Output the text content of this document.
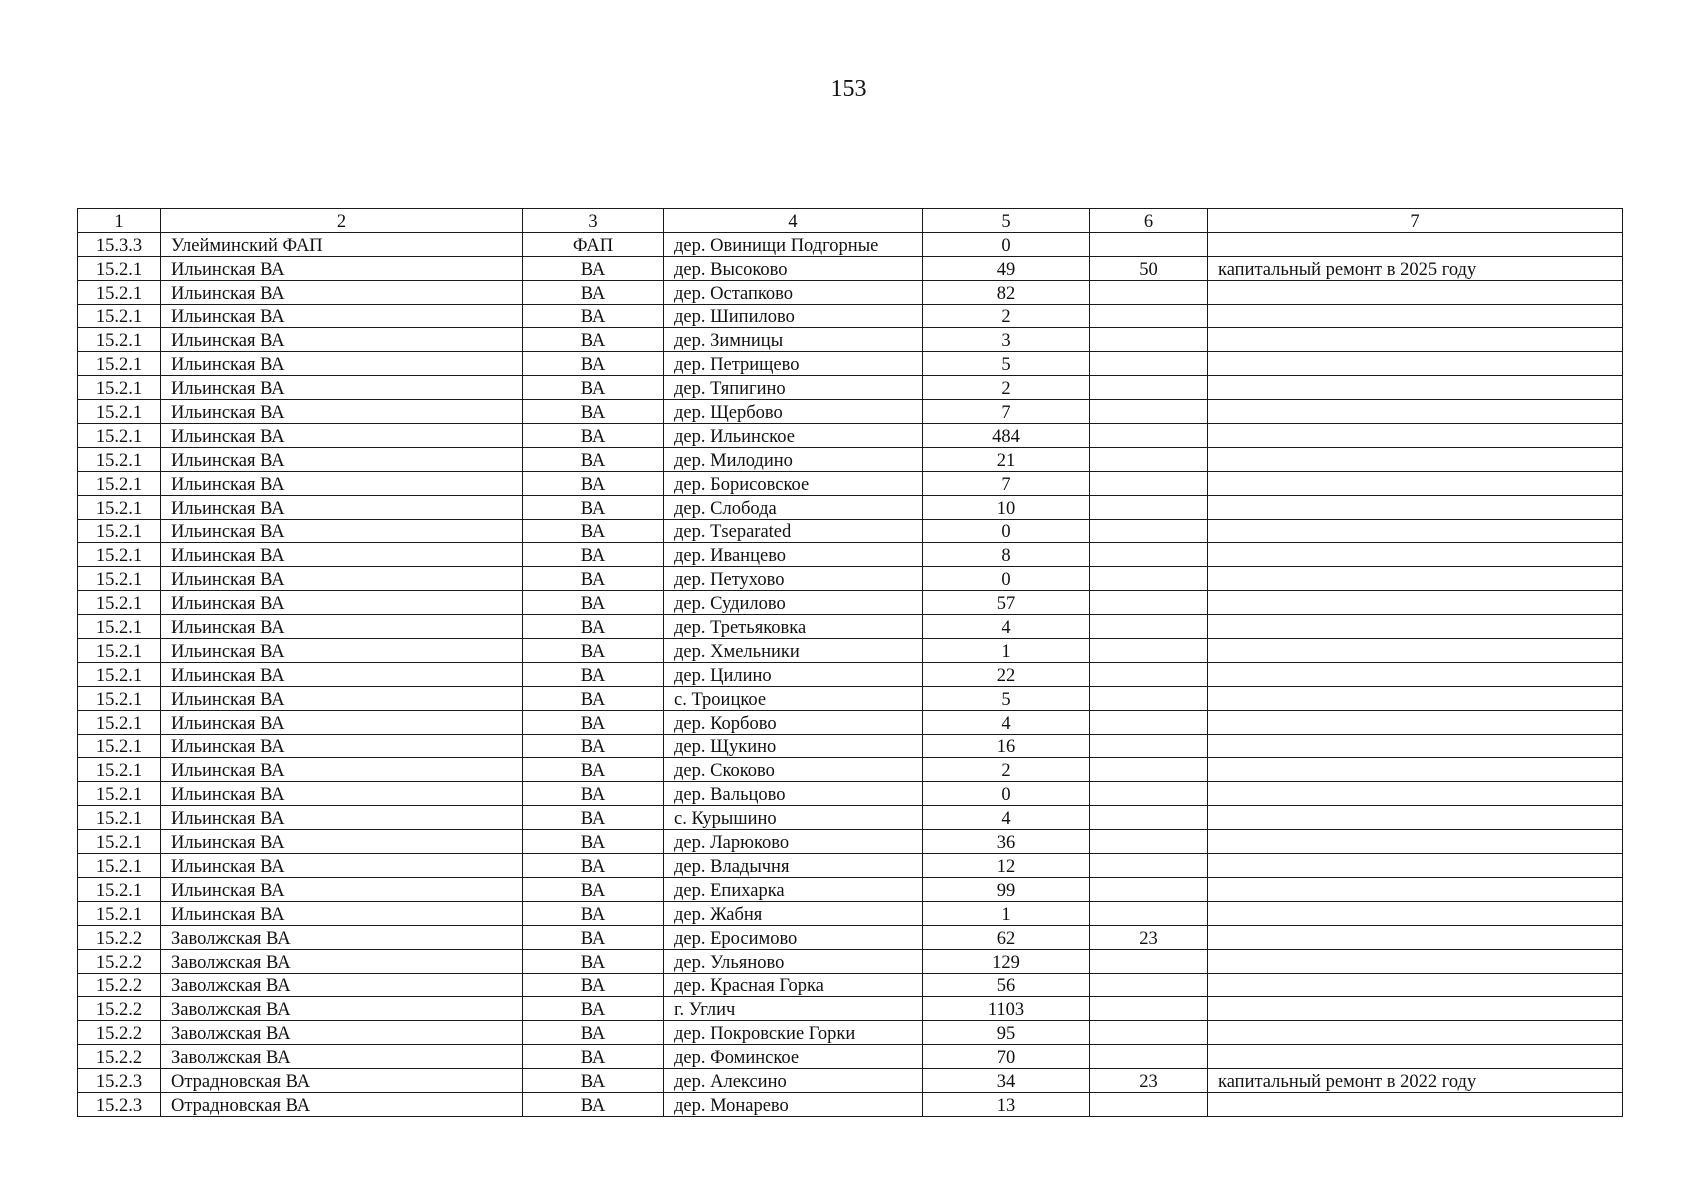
153
1	2	3	4	5	6	7
15.3.3	Улейминский ФАП	ФАП	дер. Овинищи Подгорные	0		
15.2.1	Ильинская ВА	ВА	дер. Высоково	49	50	капитальный ремонт в 2025 году
15.2.1	Ильинская ВА	ВА	дер. Остапково	82		
15.2.1	Ильинская ВА	ВА	дер. Шипилово	2		
15.2.1	Ильинская ВА	ВА	дер. Зимницы	3		
15.2.1	Ильинская ВА	ВА	дер. Петрищево	5		
15.2.1	Ильинская ВА	ВА	дер. Тяпигино	2		
15.2.1	Ильинская ВА	ВА	дер. Щербово	7		
15.2.1	Ильинская ВА	ВА	дер. Ильинское	484		
15.2.1	Ильинская ВА	ВА	дер. Милодино	21		
15.2.1	Ильинская ВА	ВА	дер. Борисовское	7		
15.2.1	Ильинская ВА	ВА	дер. Слобода	10		
15.2.1	Ильинская ВА	ВА	дер. Тseparated	0		
15.2.1	Ильинская ВА	ВА	дер. Иванцево	8		
15.2.1	Ильинская ВА	ВА	дер. Петухово	0		
15.2.1	Ильинская ВА	ВА	дер. Судилово	57		
15.2.1	Ильинская ВА	ВА	дер. Третьяковка	4		
15.2.1	Ильинская ВА	ВА	дер. Хмельники	1		
15.2.1	Ильинская ВА	ВА	дер. Цилино	22		
15.2.1	Ильинская ВА	ВА	с. Троицкое	5		
15.2.1	Ильинская ВА	ВА	дер. Корбово	4		
15.2.1	Ильинская ВА	ВА	дер. Щукино	16		
15.2.1	Ильинская ВА	ВА	дер. Скоково	2		
15.2.1	Ильинская ВА	ВА	дер. Вальцово	0		
15.2.1	Ильинская ВА	ВА	с. Курышино	4		
15.2.1	Ильинская ВА	ВА	дер. Ларюково	36		
15.2.1	Ильинская ВА	ВА	дер. Владычня	12		
15.2.1	Ильинская ВА	ВА	дер. Епихарка	99		
15.2.1	Ильинская ВА	ВА	дер. Жабня	1		
15.2.2	Заволжская ВА	ВА	дер. Еросимово	62	23	
15.2.2	Заволжская ВА	ВА	дер. Ульяново	129		
15.2.2	Заволжская ВА	ВА	дер. Красная Горка	56		
15.2.2	Заволжская ВА	ВА	г. Углич	1103		
15.2.2	Заволжская ВА	ВА	дер. Покровские Горки	95		
15.2.2	Заволжская ВА	ВА	дер. Фоминское	70		
15.2.3	Отрадновская ВА	ВА	дер. Алексино	34	23	капитальный ремонт в 2022 году
15.2.3	Отрадновская ВА	ВА	дер. Монарево	13		
